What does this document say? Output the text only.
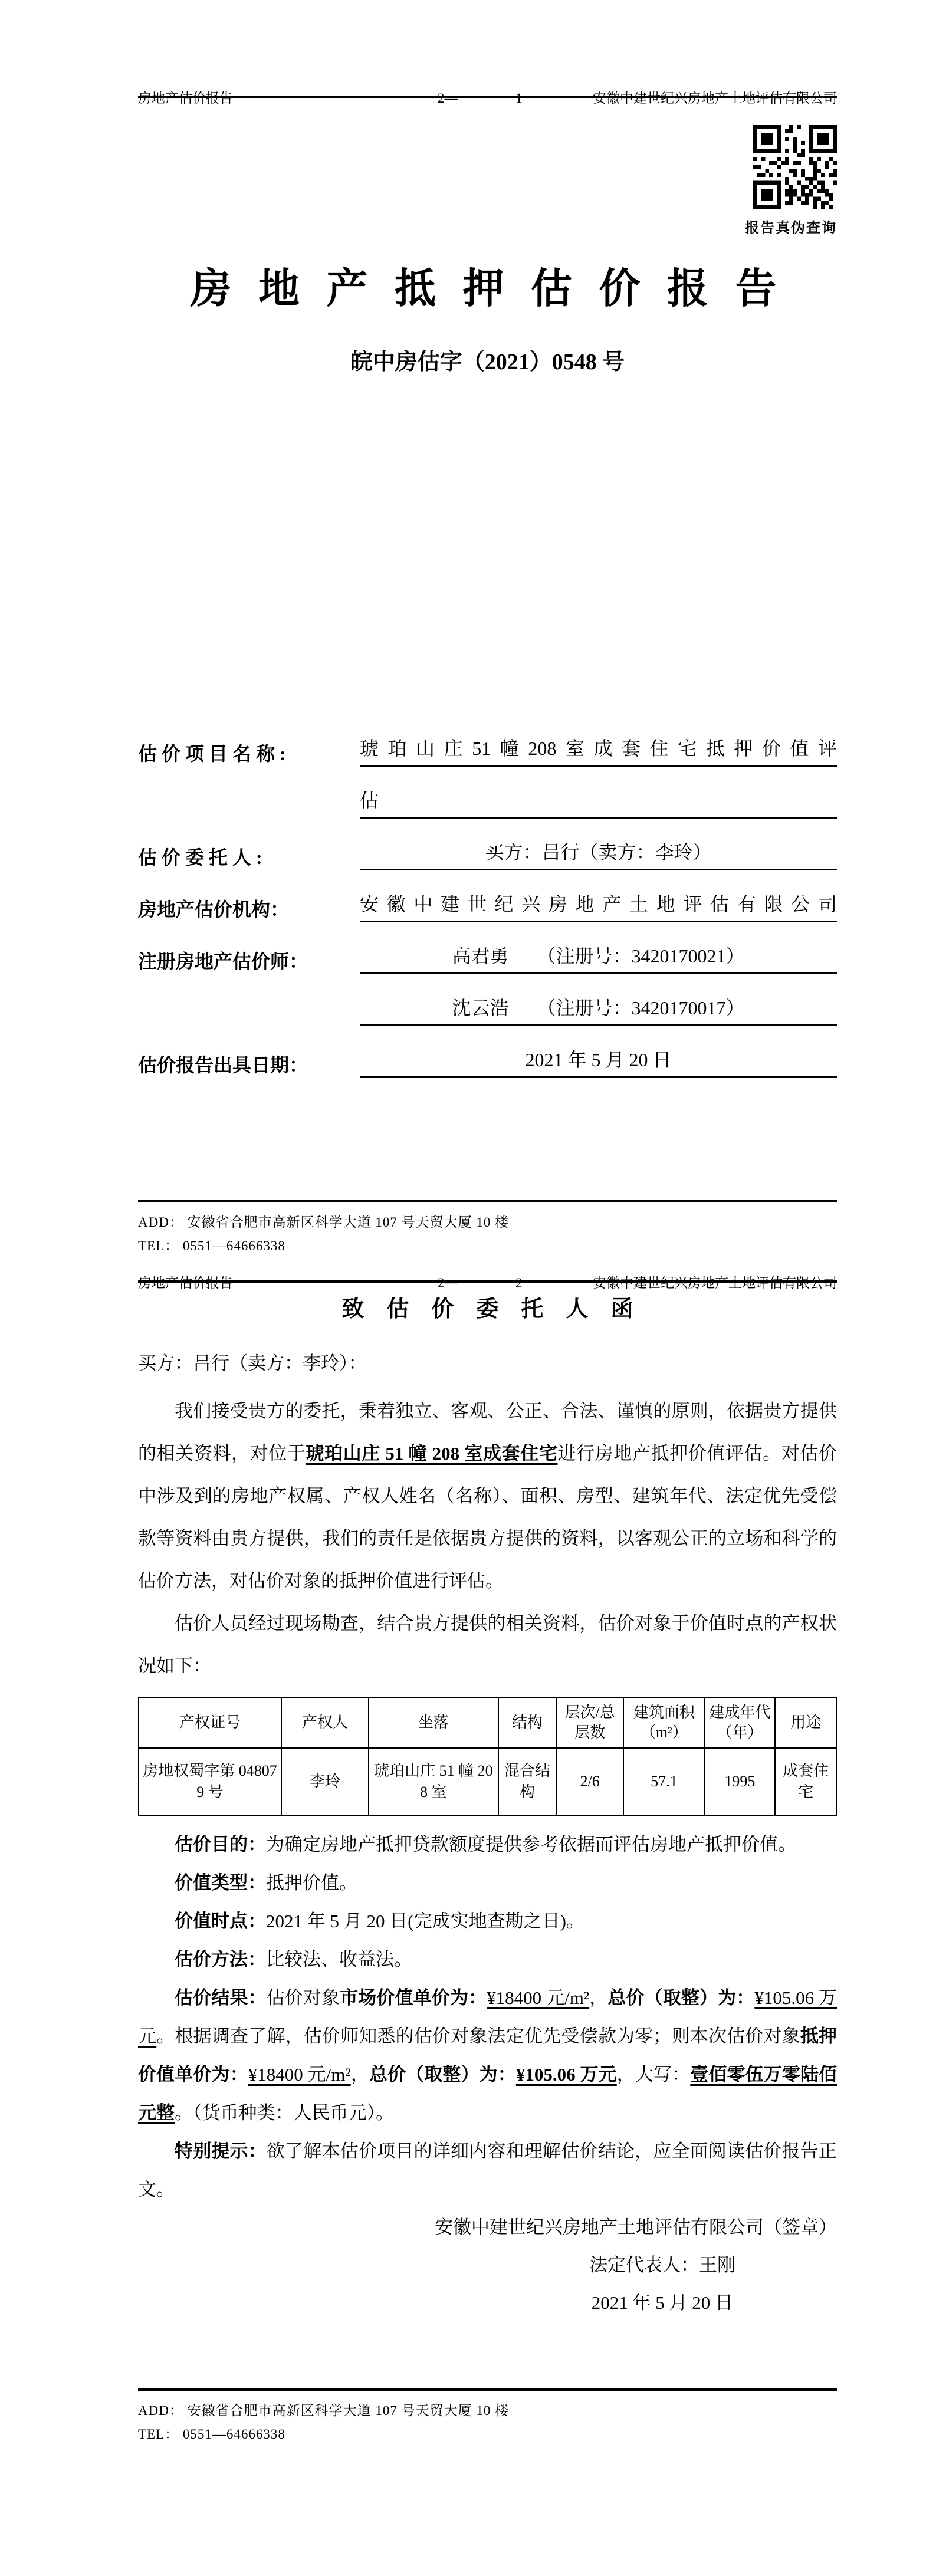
房地产估价报告	2—	1	安徽中建世纪兴房地产土地评估有限公司
报告真伪查询
房 地 产 抵 押 估 价 报 告
皖中房估字（2021）0548 号
估 价 项 目 名 称 :	琥珀山庄51幢208室成套住宅抵押价值评
估
估 价 委 托 人 :	买方：吕行（卖方：李玲）
房地产估价机构：	安徽中建世纪兴房地产土地评估有限公司
注册房地产估价师：	高君勇　　（注册号：3420170021）
沈云浩　　（注册号：3420170017）
估价报告出具日期：	2021 年 5 月 20 日
ADD： 安徽省合肥市高新区科学大道 107 号天贸大厦 10 楼
TEL： 0551—64666338
房地产估价报告	2—	2	安徽中建世纪兴房地产土地评估有限公司
致　估　价　委　托　人　函

买方：吕行（卖方：李玲）：

我们接受贵方的委托，秉着独立、客观、公正、合法、谨慎的原则，依据贵方提供的相关资料，对位于琥珀山庄 51 幢 208 室成套住宅进行房地产抵押价值评估。对估价中涉及到的房地产权属、产权人姓名（名称）、面积、房型、建筑年代、法定优先受偿款等资料由贵方提供，我们的责任是依据贵方提供的资料，以客观公正的立场和科学的估价方法，对估价对象的抵押价值进行评估。

估价人员经过现场勘查，结合贵方提供的相关资料，估价对象于价值时点的产权状况如下：

产权证号	产权人	坐落	结构	层次/总层数	建筑面积（m²）	建成年代（年）	用途
房地权蜀字第 048079 号	李玲	琥珀山庄 51 幢 208 室	混合结构	2/6	57.1	1995	成套住宅

估价目的：为确定房地产抵押贷款额度提供参考依据而评估房地产抵押价值。

价值类型：抵押价值。

价值时点：2021 年 5 月 20 日(完成实地查勘之日)。

估价方法：比较法、收益法。

估价结果：估价对象市场价值单价为：¥18400 元/m²，总价（取整）为：¥105.06 万元。根据调查了解，估价师知悉的估价对象法定优先受偿款为零；则本次估价对象抵押价值单价为：¥18400 元/m²，总价（取整）为：¥105.06 万元，大写：壹佰零伍万零陆佰元整。（货币种类：人民币元）。

特别提示：欲了解本估价项目的详细内容和理解估价结论，应全面阅读估价报告正文。

安徽中建世纪兴房地产土地评估有限公司（签章）
法定代表人：王刚
2021 年 5 月 20 日
ADD： 安徽省合肥市高新区科学大道 107 号天贸大厦 10 楼
TEL： 0551—64666338
